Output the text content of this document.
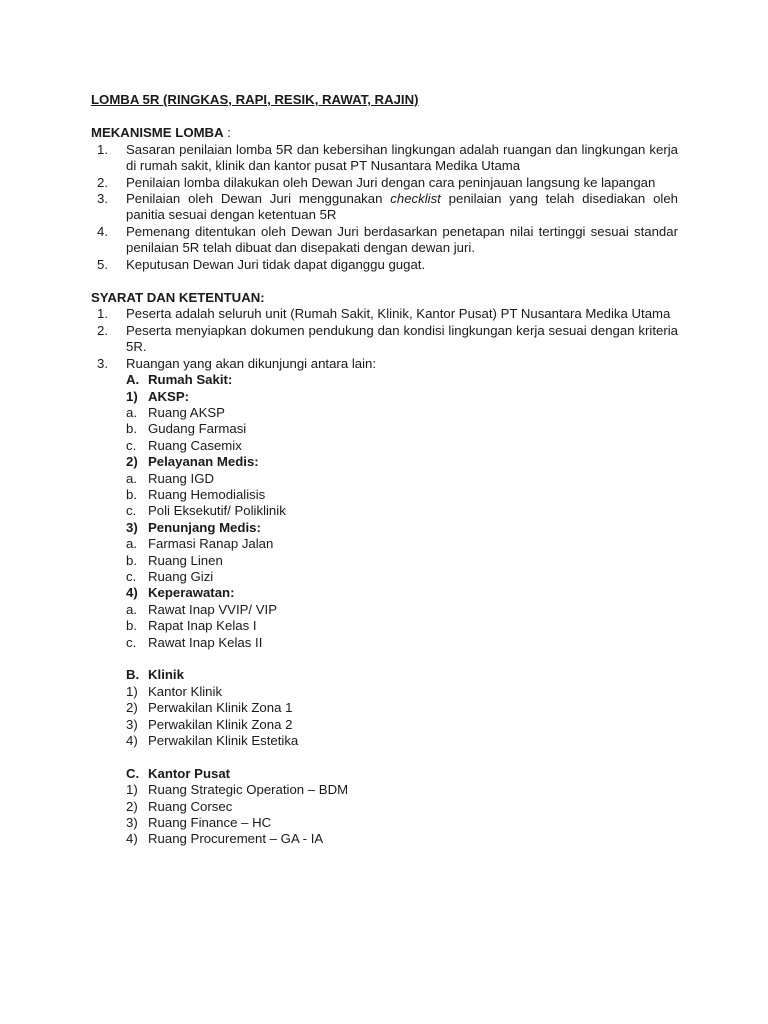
LOMBA 5R (RINGKAS, RAPI, RESIK, RAWAT, RAJIN)

MEKANISME LOMBA :
1.	Sasaran penilaian lomba 5R dan kebersihan lingkungan adalah ruangan dan lingkungan kerja di rumah sakit, klinik dan kantor pusat PT Nusantara Medika Utama
2.	Penilaian lomba dilakukan oleh Dewan Juri dengan cara peninjauan langsung ke lapangan
3.	Penilaian oleh Dewan Juri menggunakan checklist penilaian yang telah disediakan oleh panitia sesuai dengan ketentuan 5R
4.	Pemenang ditentukan oleh Dewan Juri berdasarkan penetapan nilai tertinggi sesuai standar penilaian 5R telah dibuat dan disepakati dengan dewan juri.
5.	Keputusan Dewan Juri tidak dapat diganggu gugat.
SYARAT DAN KETENTUAN:
1.	Peserta adalah seluruh unit (Rumah Sakit, Klinik, Kantor Pusat) PT Nusantara Medika Utama
2.	Peserta menyiapkan dokumen pendukung dan kondisi lingkungan kerja sesuai dengan kriteria 5R.
3.	Ruangan yang akan dikunjungi antara lain:
A. Rumah Sakit:
1) AKSP:
a. Ruang AKSP
b. Gudang Farmasi
c. Ruang Casemix
2) Pelayanan Medis:
a. Ruang IGD
b. Ruang Hemodialisis
c. Poli Eksekutif/ Poliklinik
3) Penunjang Medis:
a. Farmasi Ranap Jalan
b. Ruang Linen
c. Ruang Gizi
4) Keperawatan:
a. Rawat Inap VVIP/ VIP
b. Rapat Inap Kelas I
c. Rawat Inap Kelas II
B. Klinik
1) Kantor Klinik
2) Perwakilan Klinik Zona 1
3) Perwakilan Klinik Zona 2
4) Perwakilan Klinik Estetika
C. Kantor Pusat
1) Ruang Strategic Operation – BDM
2) Ruang Corsec
3) Ruang Finance – HC
4) Ruang Procurement – GA - IA
